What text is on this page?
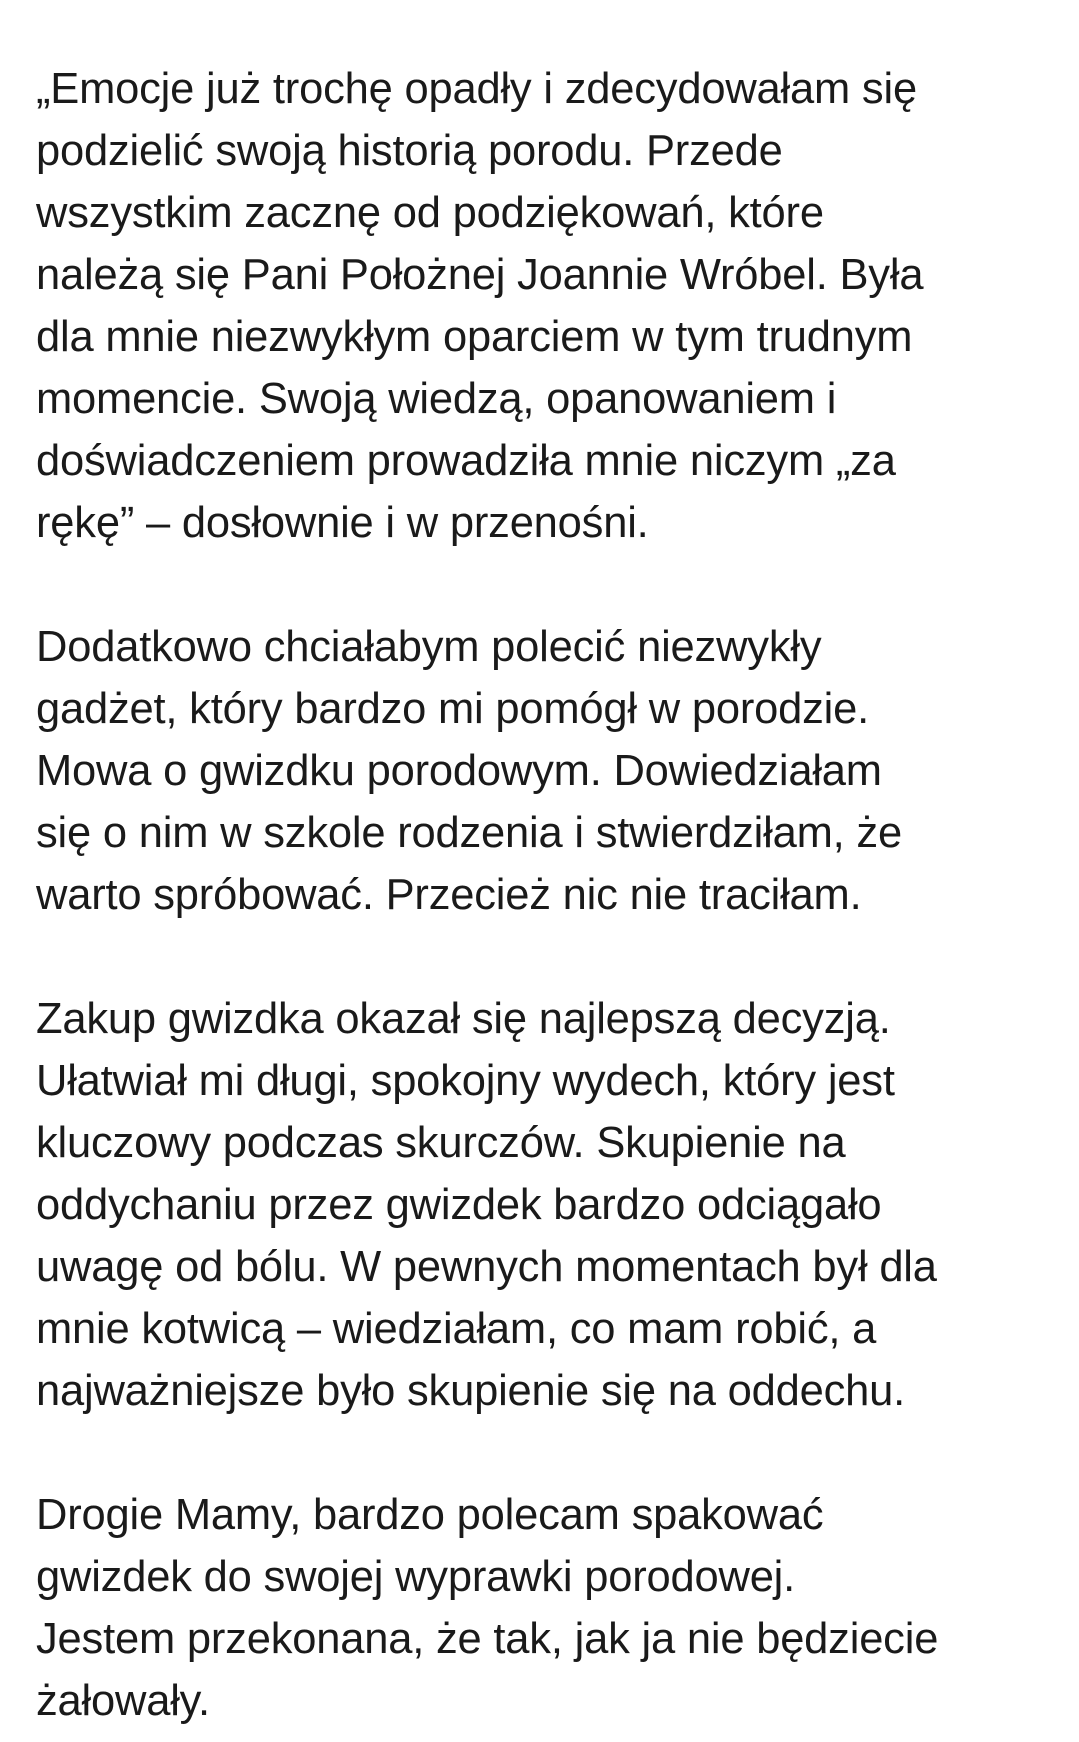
„Emocje już trochę opadły i zdecydowałam się
podzielić swoją historią porodu. Przede
wszystkim zacznę od podziękowań, które
należą się Pani Położnej Joannie Wróbel. Była
dla mnie niezwykłym oparciem w tym trudnym
momencie. Swoją wiedzą, opanowaniem i
doświadczeniem prowadziła mnie niczym „za
rękę” – dosłownie i w przenośni.

Dodatkowo chciałabym polecić niezwykły
gadżet, który bardzo mi pomógł w porodzie.
Mowa o gwizdku porodowym. Dowiedziałam
się o nim w szkole rodzenia i stwierdziłam, że
warto spróbować. Przecież nic nie traciłam.

Zakup gwizdka okazał się najlepszą decyzją.
Ułatwiał mi długi, spokojny wydech, który jest
kluczowy podczas skurczów. Skupienie na
oddychaniu przez gwizdek bardzo odciągało
uwagę od bólu. W pewnych momentach był dla
mnie kotwicą – wiedziałam, co mam robić, a
najważniejsze było skupienie się na oddechu.

Drogie Mamy, bardzo polecam spakować
gwizdek do swojej wyprawki porodowej.
Jestem przekonana, że tak, jak ja nie będziecie
żałowały.
